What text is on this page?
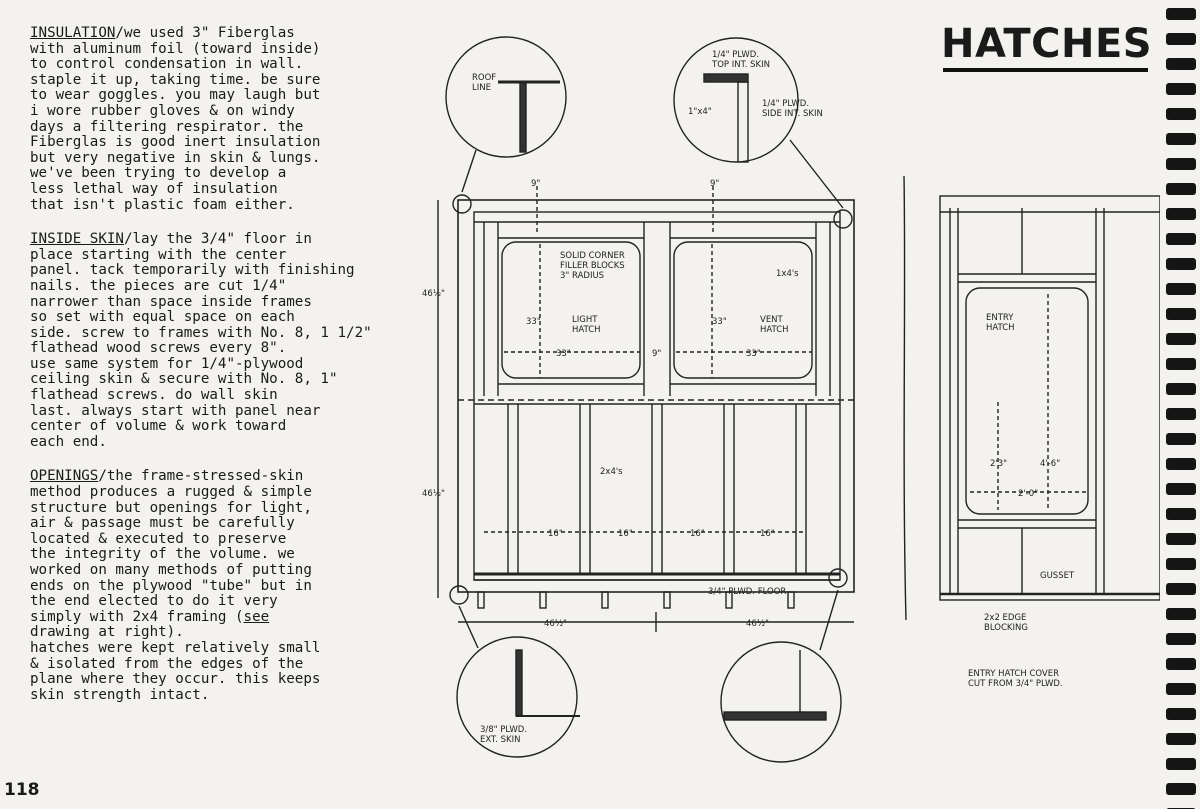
INSULATION/we used 3" Fiberglas
with aluminum foil (toward inside)
to control condensation in wall.
staple it up, taking time. be sure
to wear goggles. you may laugh but
i wore rubber gloves & on windy
days a filtering respirator. the
Fiberglas is good inert insulation
but very negative in skin & lungs.
we've been trying to develop a
less lethal way of insulation
that isn't plastic foam either.

INSIDE SKIN/lay the 3/4" floor in
place starting with the center
panel. tack temporarily with finishing
nails. the pieces are cut 1/4"
narrower than space inside frames
so set with equal space on each
side. screw to frames with No. 8, 1 1/2"
flathead wood screws every 8".
use same system for 1/4"-plywood
ceiling skin & secure with No. 8, 1"
flathead screws. do wall skin
last. always start with panel near
center of volume & work toward
each end.

OPENINGS/the frame-stressed-skin
method produces a rugged & simple
structure but openings for light,
air & passage must be carefully
located & executed to preserve
the integrity of the volume. we
worked on many methods of putting
ends on the plywood "tube" but in
the end elected to do it very
simply with 2x4 framing (see
drawing at right).
hatches were kept relatively small
& isolated from the edges of the
plane where they occur. this keeps
skin strength intact.

118
HATCHES
ROOF LINE
1/4" PLWD. TOP INT. SKIN
1"x4"
1/4" PLWD. SIDE INT. SKIN
9"	9"
SOLID CORNER FILLER BLOCKS 3" RADIUS	1x4's
LIGHT HATCH
VENT HATCH
33"	33"
33"	33"
9"
46½"
46½"
2x4's
16"	16"	16"	16"
3/4" PLWD. FLOOR
46½"	46½"
3/8" PLWD. EXT. SKIN
ENTRY HATCH
2'3"	4'-6"
2'-0"
GUSSET
2x2 EDGE BLOCKING
ENTRY HATCH COVER CUT FROM 3/4" PLWD.
